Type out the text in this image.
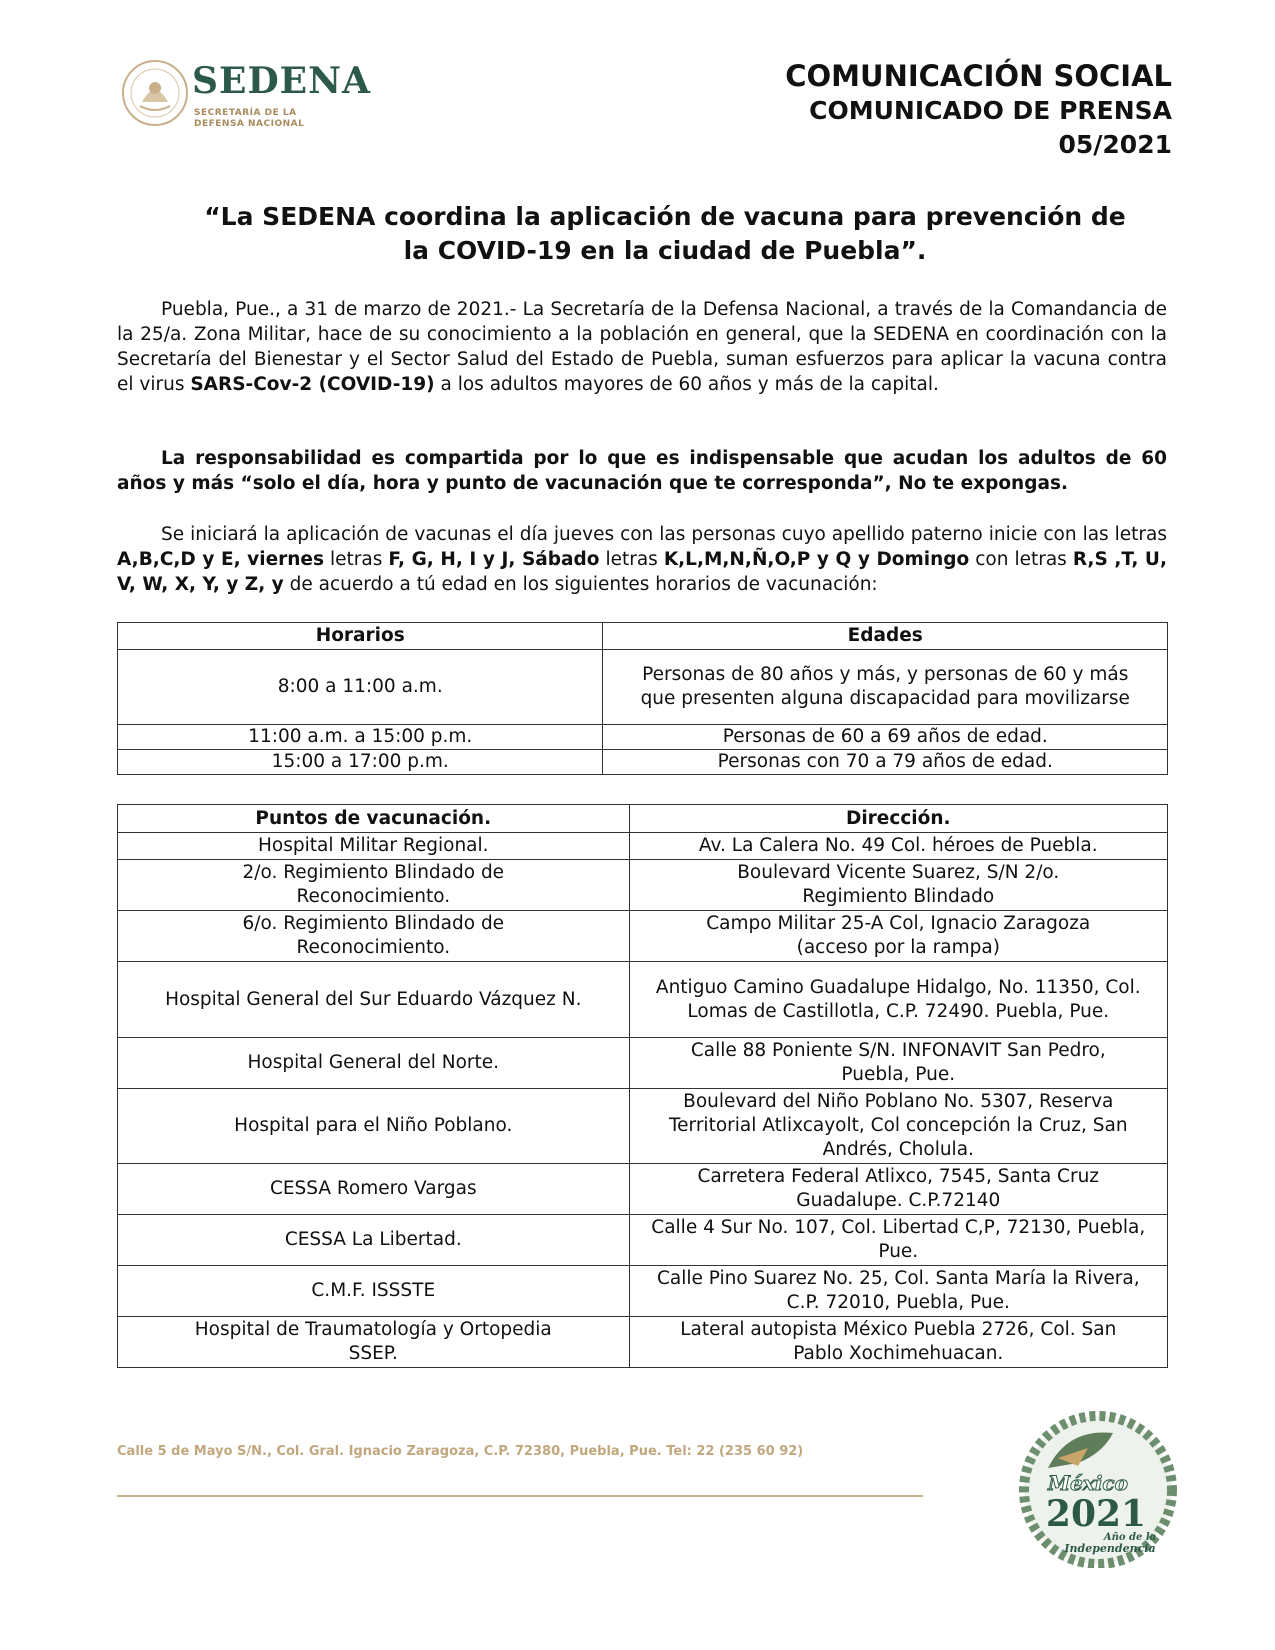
SEDENA
SECRETARÍA DE LA
DEFENSA NACIONAL
COMUNICACIÓN SOCIAL
COMUNICADO DE PRENSA
05/2021
“La SEDENA coordina la aplicación de vacuna para prevención de
la COVID-19 en la ciudad de Puebla”.
Puebla, Pue., a 31 de marzo de 2021.- La Secretaría de la Defensa Nacional, a través de la Comandancia de la 25/a. Zona Militar, hace de su conocimiento a la población en general, que la SEDENA en coordinación con la Secretaría del Bienestar y el Sector Salud del Estado de Puebla, suman esfuerzos para aplicar la vacuna contra el virus SARS-Cov-2 (COVID-19) a los adultos mayores de 60 años y más de la capital.
La responsabilidad es compartida por lo que es indispensable que acudan los adultos de 60 años y más “solo el día, hora y punto de vacunación que te corresponda”, No te expongas.
Se iniciará la aplicación de vacunas el día jueves con las personas cuyo apellido paterno inicie con las letras A,B,C,D y E, viernes letras F, G, H, I y J, Sábado letras K,L,M,N,Ñ,O,P y Q y Domingo con letras R,S ,T, U, V, W, X, Y, y Z, y de acuerdo a tú edad en los siguientes horarios de vacunación:
Horarios	Edades
8:00 a 11:00 a.m.	Personas de 80 años y más, y personas de 60 y más que presenten alguna discapacidad para movilizarse
11:00 a.m. a 15:00 p.m.	Personas de 60 a 69 años de edad.
15:00 a 17:00 p.m.	Personas con 70 a 79 años de edad.
Puntos de vacunación.	Dirección.
Hospital Militar Regional.	Av. La Calera No. 49 Col. héroes de Puebla.
2/o. Regimiento Blindado de Reconocimiento.	Boulevard Vicente Suarez, S/N 2/o. Regimiento Blindado
6/o. Regimiento Blindado de Reconocimiento.	Campo Militar 25-A Col, Ignacio Zaragoza (acceso por la rampa)
Hospital General del Sur Eduardo Vázquez N.	Antiguo Camino Guadalupe Hidalgo, No. 11350, Col. Lomas de Castillotla, C.P. 72490. Puebla, Pue.
Hospital General del Norte.	Calle 88 Poniente S/N. INFONAVIT San Pedro, Puebla, Pue.
Hospital para el Niño Poblano.	Boulevard del Niño Poblano No. 5307, Reserva Territorial Atlixcayolt, Col concepción la Cruz, San Andrés, Cholula.
CESSA Romero Vargas	Carretera Federal Atlixco, 7545, Santa Cruz Guadalupe. C.P.72140
CESSA La Libertad.	Calle 4 Sur No. 107, Col. Libertad C,P, 72130, Puebla, Pue.
C.M.F. ISSSTE	Calle Pino Suarez No. 25, Col. Santa María la Rivera, C.P. 72010, Puebla, Pue.
Hospital de Traumatología y Ortopedia SSEP.	Lateral autopista México Puebla 2726, Col. San Pablo Xochimehuacan.
Calle 5 de Mayo S/N., Col. Gral. Ignacio Zaragoza, C.P. 72380, Puebla, Pue. Tel: 22 (235 60 92)
México
2021
Año de la
Independencia
